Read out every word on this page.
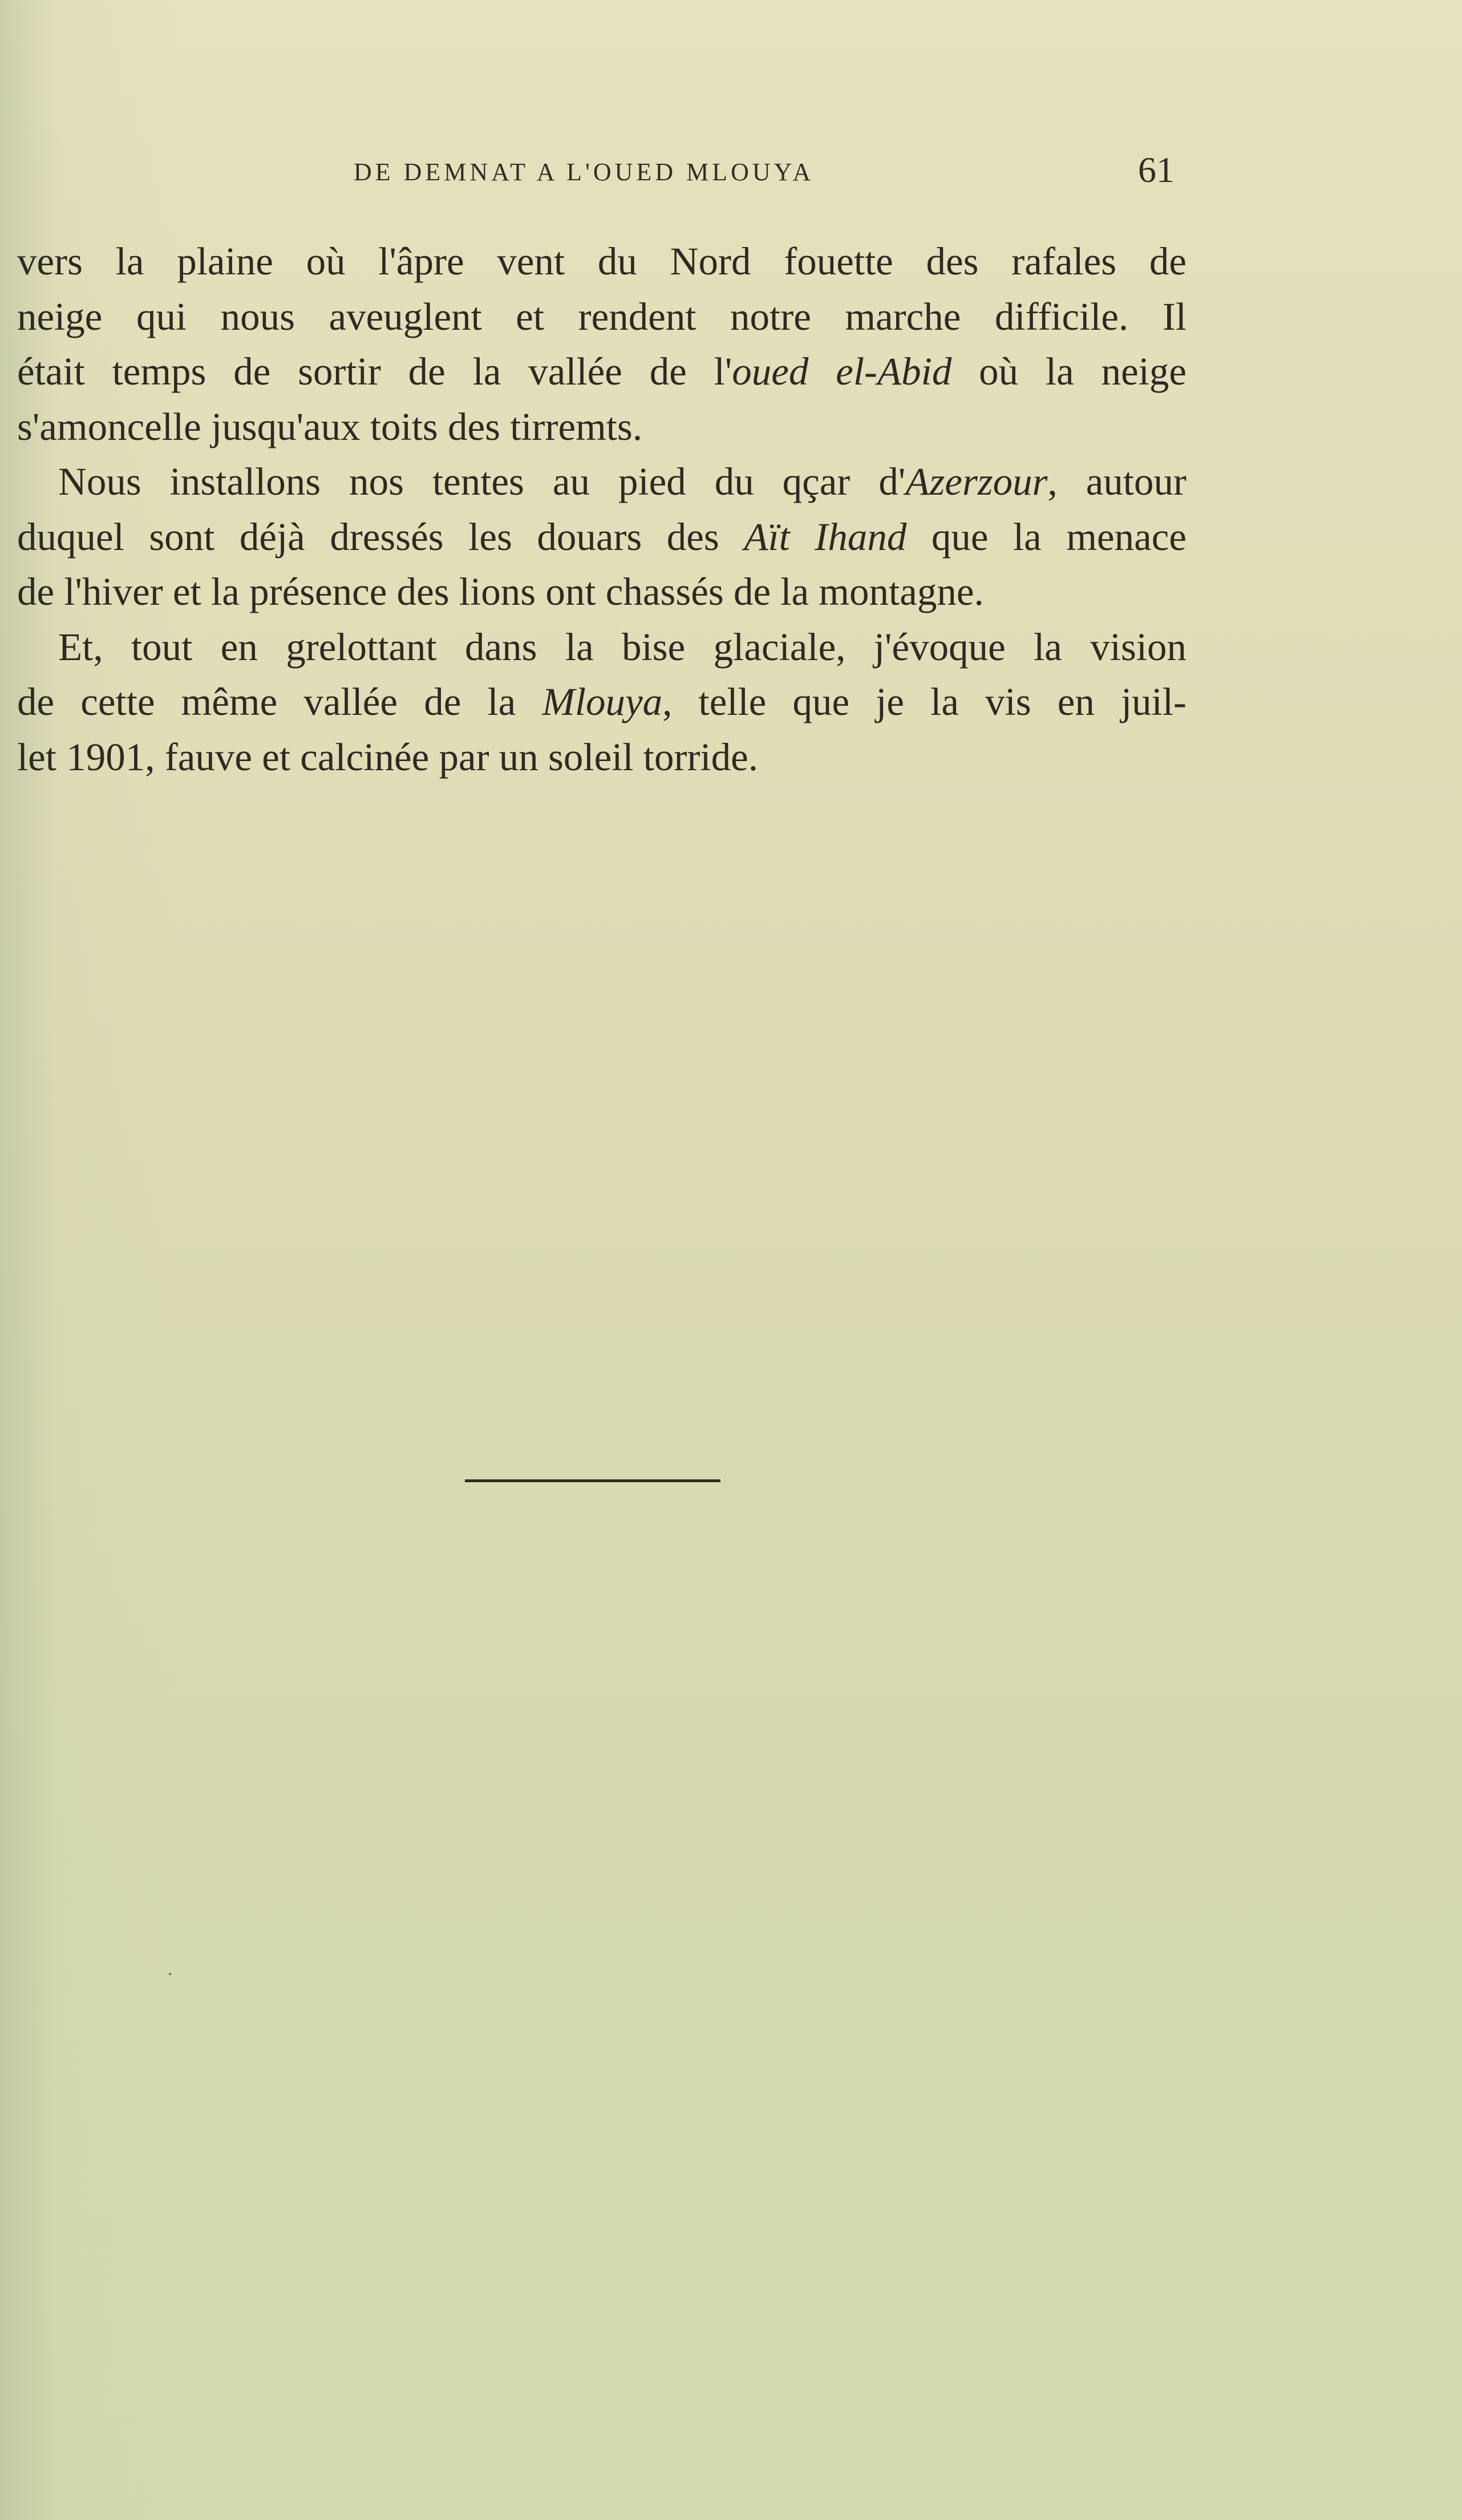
DE DEMNAT A L'OUED MLOUYA	61

vers la plaine où l'âpre vent du Nord fouette des rafales de
neige qui nous aveuglent et rendent notre marche difficile. Il
était temps de sortir de la vallée de l'oued el-Abid où la neige
s'amoncelle jusqu'aux toits des tirremts.

Nous installons nos tentes au pied du qçar d'Azerzour, autour
duquel sont déjà dressés les douars des Aït Ihand que la menace
de l'hiver et la présence des lions ont chassés de la montagne.

Et, tout en grelottant dans la bise glaciale, j'évoque la vision
de cette même vallée de la Mlouya, telle que je la vis en juil-
let 1901, fauve et calcinée par un soleil torride.
